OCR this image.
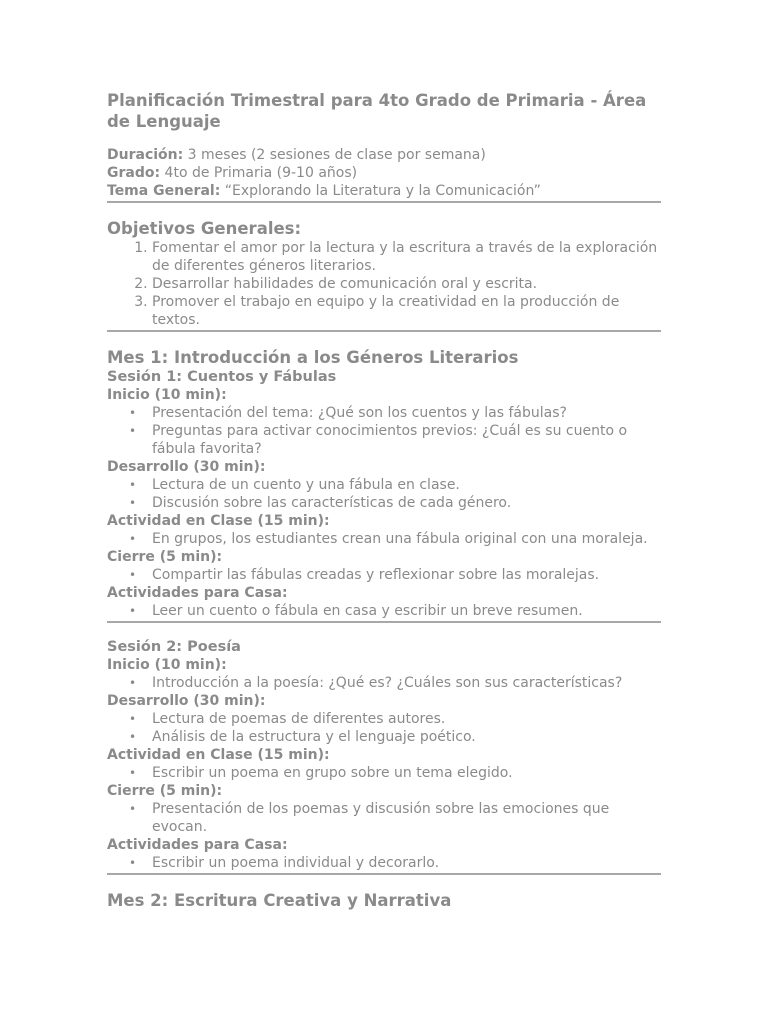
Planificación Trimestral para 4to Grado de Primaria - Área de Lenguaje
Duración: 3 meses (2 sesiones de clase por semana)
Grado: 4to de Primaria (9-10 años)
Tema General: “Explorando la Literatura y la Comunicación”
Objetivos Generales:
1. Fomentar el amor por la lectura y la escritura a través de la exploración de diferentes géneros literarios.
2. Desarrollar habilidades de comunicación oral y escrita.
3. Promover el trabajo en equipo y la creatividad en la producción de textos.
Mes 1: Introducción a los Géneros Literarios
Sesión 1: Cuentos y Fábulas
Inicio (10 min):
• Presentación del tema: ¿Qué son los cuentos y las fábulas?
• Preguntas para activar conocimientos previos: ¿Cuál es su cuento o fábula favorita?
Desarrollo (30 min):
• Lectura de un cuento y una fábula en clase.
• Discusión sobre las características de cada género.
Actividad en Clase (15 min):
• En grupos, los estudiantes crean una fábula original con una moraleja.
Cierre (5 min):
• Compartir las fábulas creadas y reflexionar sobre las moralejas.
Actividades para Casa:
• Leer un cuento o fábula en casa y escribir un breve resumen.
Sesión 2: Poesía
Inicio (10 min):
• Introducción a la poesía: ¿Qué es? ¿Cuáles son sus características?
Desarrollo (30 min):
• Lectura de poemas de diferentes autores.
• Análisis de la estructura y el lenguaje poético.
Actividad en Clase (15 min):
• Escribir un poema en grupo sobre un tema elegido.
Cierre (5 min):
• Presentación de los poemas y discusión sobre las emociones que evocan.
Actividades para Casa:
• Escribir un poema individual y decorarlo.
Mes 2: Escritura Creativa y Narrativa
